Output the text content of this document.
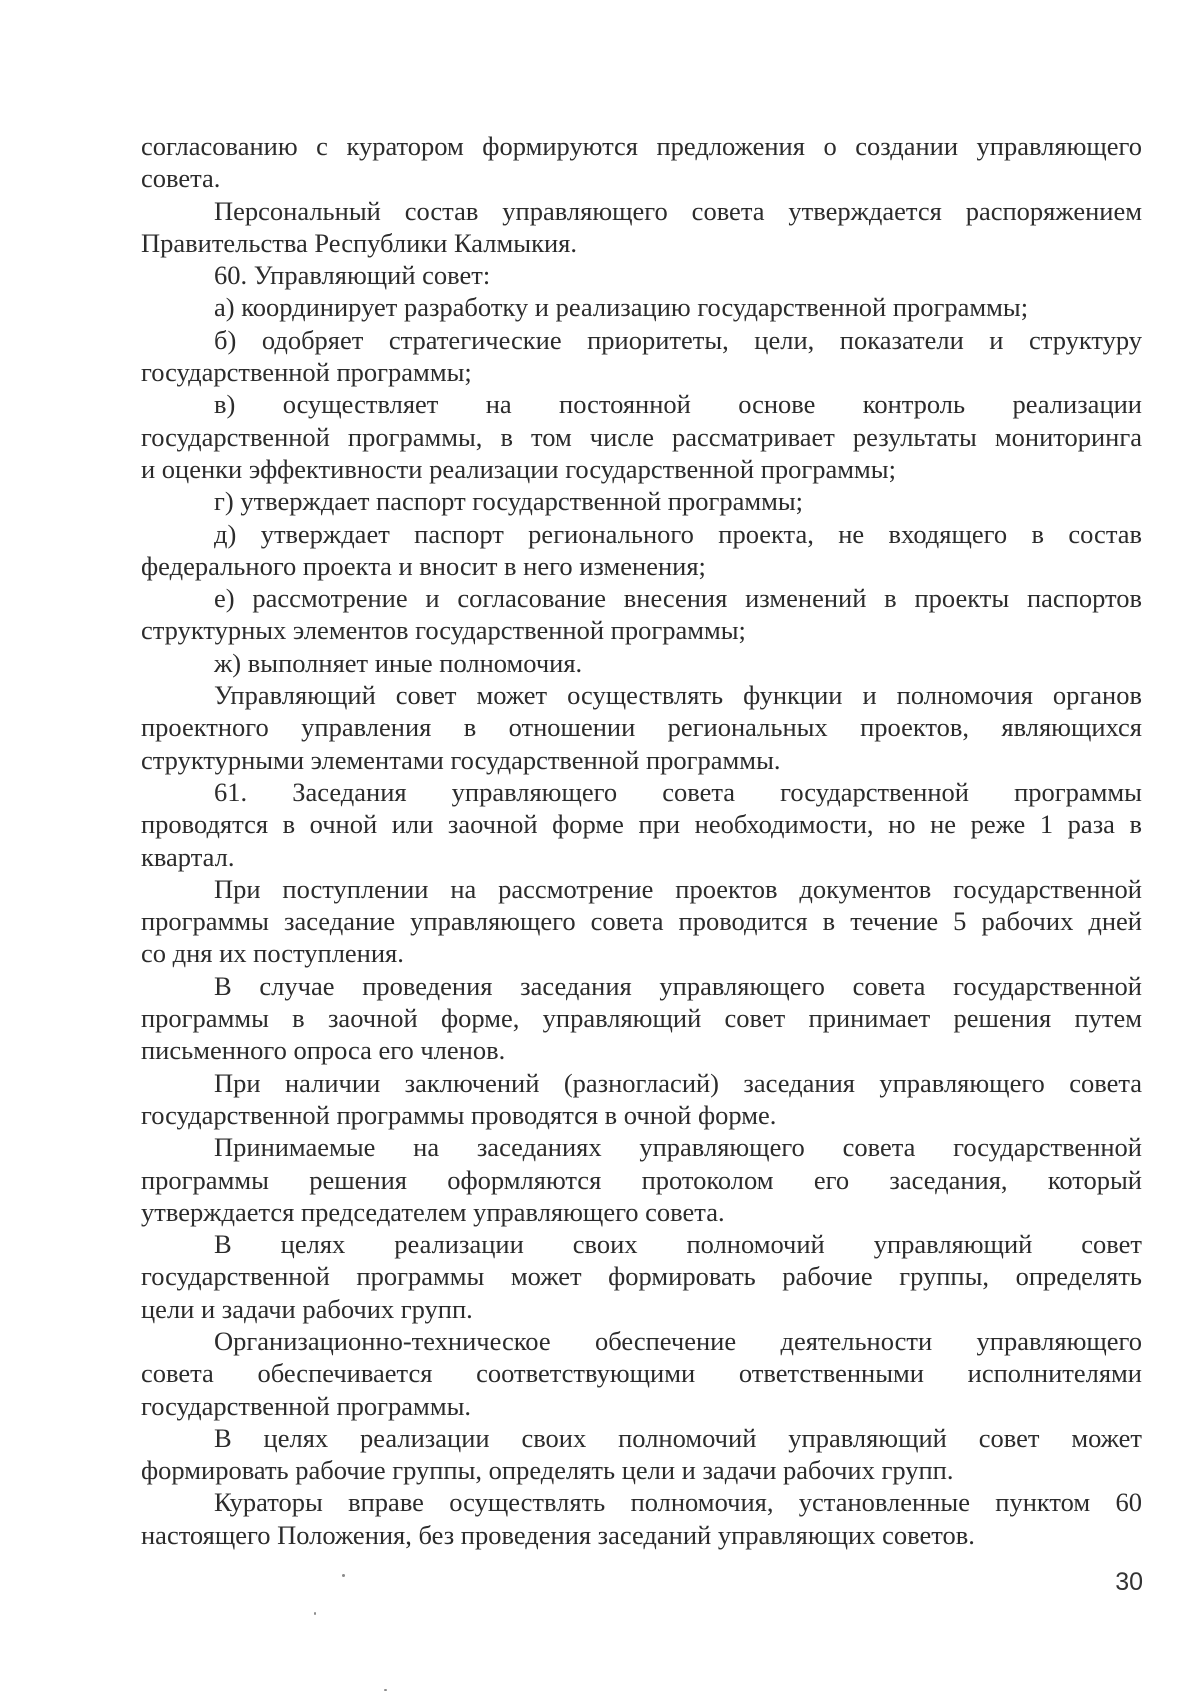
согласованию с куратором формируются предложения о создании управляющего
совета.
Персональный состав управляющего совета утверждается распоряжением
Правительства Республики Калмыкия.
60. Управляющий совет:
а) координирует разработку и реализацию государственной программы;
б) одобряет стратегические приоритеты, цели, показатели и структуру
государственной программы;
в) осуществляет на постоянной основе контроль реализации
государственной программы, в том числе рассматривает результаты мониторинга
и оценки эффективности реализации государственной программы;
г) утверждает паспорт государственной программы;
д) утверждает паспорт регионального проекта, не входящего в состав
федерального проекта и вносит в него изменения;
е) рассмотрение и согласование внесения изменений в проекты паспортов
структурных элементов государственной программы;
ж) выполняет иные полномочия.
Управляющий совет может осуществлять функции и полномочия органов
проектного управления в отношении региональных проектов, являющихся
структурными элементами государственной программы.
61. Заседания управляющего совета государственной программы
проводятся в очной или заочной форме при необходимости, но не реже 1 раза в
квартал.
При поступлении на рассмотрение проектов документов государственной
программы заседание управляющего совета проводится в течение 5 рабочих дней
со дня их поступления.
В случае проведения заседания управляющего совета государственной
программы в заочной форме, управляющий совет принимает решения путем
письменного опроса его членов.
При наличии заключений (разногласий) заседания управляющего совета
государственной программы проводятся в очной форме.
Принимаемые на заседаниях управляющего совета государственной
программы решения оформляются протоколом его заседания, который
утверждается председателем управляющего совета.
В целях реализации своих полномочий управляющий совет
государственной программы может формировать рабочие группы, определять
цели и задачи рабочих групп.
Организационно-техническое обеспечение деятельности управляющего
совета обеспечивается соответствующими ответственными исполнителями
государственной программы.
В целях реализации своих полномочий управляющий совет может
формировать рабочие группы, определять цели и задачи рабочих групп.
Кураторы вправе осуществлять полномочия, установленные пунктом 60
настоящего Положения, без проведения заседаний управляющих советов.
30
